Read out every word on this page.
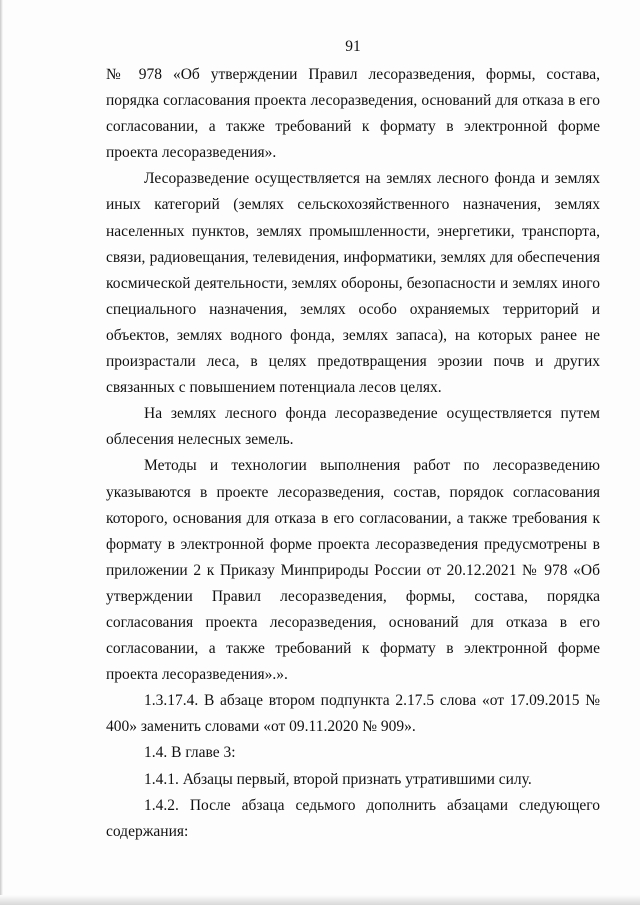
91

№ 978 «Об утверждении Правил лесоразведения, формы, состава, порядка согласования проекта лесоразведения, оснований для отказа в его согласовании, а также требований к формату в электронной форме проекта лесоразведения».

Лесоразведение осуществляется на землях лесного фонда и землях иных категорий (землях сельскохозяйственного назначения, землях населенных пунктов, землях промышленности, энергетики, транспорта, связи, радиовещания, телевидения, информатики, землях для обеспечения космической деятельности, землях обороны, безопасности и землях иного специального назначения, землях особо охраняемых территорий и объектов, землях водного фонда, землях запаса), на которых ранее не произрастали леса, в целях предотвращения эрозии почв и других связанных с повышением потенциала лесов целях.

На землях лесного фонда лесоразведение осуществляется путем облесения нелесных земель.

Методы и технологии выполнения работ по лесоразведению указываются в проекте лесоразведения, состав, порядок согласования которого, основания для отказа в его согласовании, а также требования к формату в электронной форме проекта лесоразведения предусмотрены в приложении 2 к Приказу Минприроды России от 20.12.2021 № 978 «Об утверждении Правил лесоразведения, формы, состава, порядка согласования проекта лесоразведения, оснований для отказа в его согласовании, а также требований к формату в электронной форме проекта лесоразведения».».

1.3.17.4. В абзаце втором подпункта 2.17.5 слова «от 17.09.2015 № 400» заменить словами «от 09.11.2020 № 909».

1.4. В главе 3:

1.4.1. Абзацы первый, второй признать утратившими силу.

1.4.2. После абзаца седьмого дополнить абзацами следующего содержания:
